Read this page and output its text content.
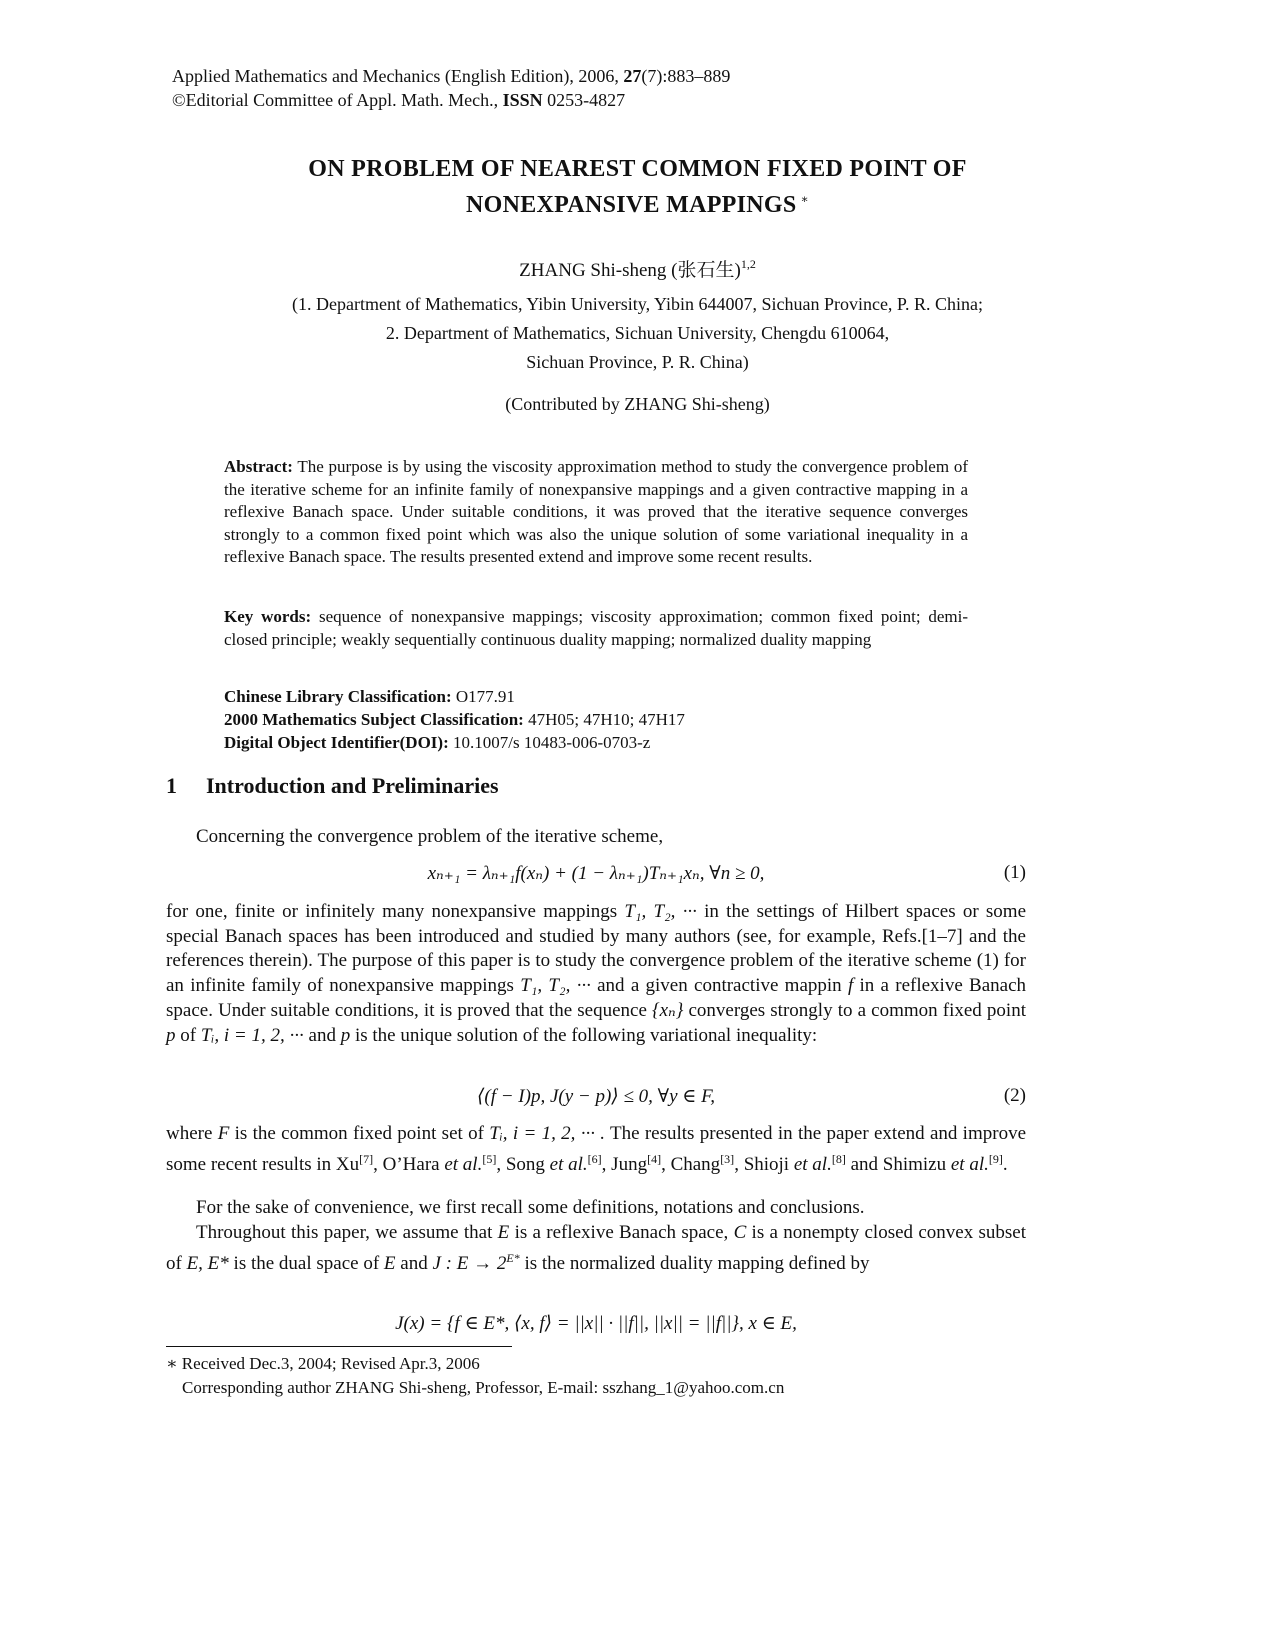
Applied Mathematics and Mechanics (English Edition), 2006, 27(7):883–889
©Editorial Committee of Appl. Math. Mech., ISSN 0253-4827
ON PROBLEM OF NEAREST COMMON FIXED POINT OF
NONEXPANSIVE MAPPINGS ∗
ZHANG Shi-sheng (张石生)$^{1,2}$
(1. Department of Mathematics, Yibin University, Yibin 644007, Sichuan Province, P. R. China;
2. Department of Mathematics, Sichuan University, Chengdu 610064,
Sichuan Province, P. R. China)
(Contributed by ZHANG Shi-sheng)
Abstract: The purpose is by using the viscosity approximation method to study the convergence problem of the iterative scheme for an infinite family of nonexpansive mappings and a given contractive mapping in a reflexive Banach space. Under suitable conditions, it was proved that the iterative sequence converges strongly to a common fixed point which was also the unique solution of some variational inequality in a reflexive Banach space. The results presented extend and improve some recent results.
Key words: sequence of nonexpansive mappings; viscosity approximation; common fixed point; demi-closed principle; weakly sequentially continuous duality mapping; normalized duality mapping
Chinese Library Classification: O177.91
2000 Mathematics Subject Classification: 47H05; 47H10; 47H17
Digital Object Identifier(DOI): 10.1007/s 10483-006-0703-z
1 Introduction and Preliminaries
Concerning the convergence problem of the iterative scheme,
xₙ₊₁ = λₙ₊₁f(xₙ) + (1 − λₙ₊₁)Tₙ₊₁xₙ, ∀n ≥ 0,	(1)
for one, finite or infinitely many nonexpansive mappings T₁, T₂, ··· in the settings of Hilbert spaces or some special Banach spaces has been introduced and studied by many authors (see, for example, Refs.[1–7] and the references therein). The purpose of this paper is to study the convergence problem of the iterative scheme (1) for an infinite family of nonexpansive mappings T₁, T₂, ··· and a given contractive mappin f in a reflexive Banach space. Under suitable conditions, it is proved that the sequence {xₙ} converges strongly to a common fixed point p of Tᵢ, i = 1, 2, ··· and p is the unique solution of the following variational inequality:
⟨(f − I)p, J(y − p)⟩ ≤ 0, ∀y ∈ F,	(2)
where F is the common fixed point set of Tᵢ, i = 1, 2, ··· . The results presented in the paper extend and improve some recent results in Xu[7], O’Hara et al.[5], Song et al.[6], Jung[4], Chang[3], Shioji et al.[8] and Shimizu et al.[9].
For the sake of convenience, we first recall some definitions, notations and conclusions.
Throughout this paper, we assume that E is a reflexive Banach space, C is a nonempty closed convex subset of E, E* is the dual space of E and J : $E \to 2^{E*}$ is the normalized duality mapping defined by
J(x) = {f ∈ E*, ⟨x, f⟩ = ||x|| · ||f||, ||x|| = ||f||}, x ∈ E,
∗ Received Dec.3, 2004; Revised Apr.3, 2006
Corresponding author ZHANG Shi-sheng, Professor, E-mail: sszhang_1@yahoo.com.cn
